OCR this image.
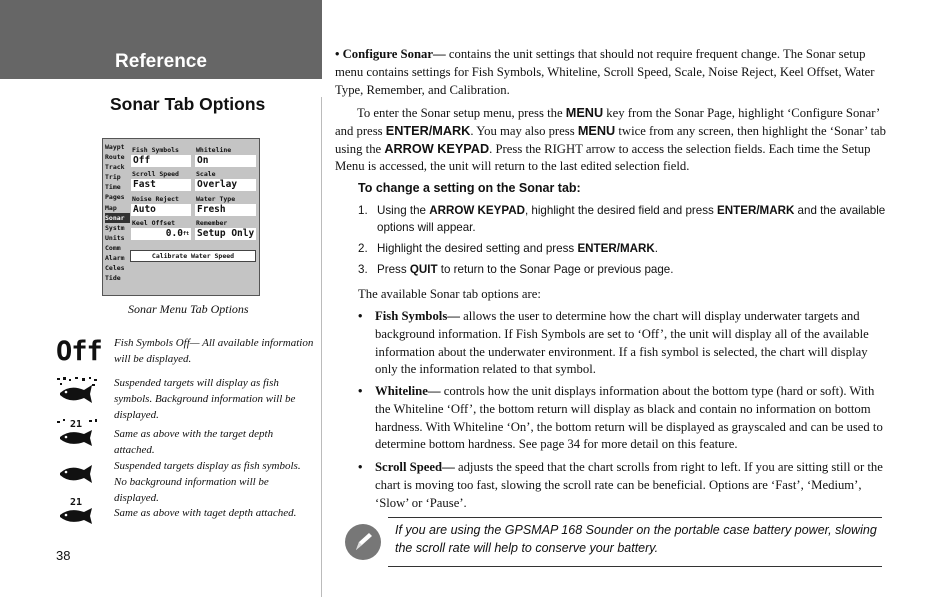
Reference
Sonar Tab Options
Waypt
Route
Track
Trip
Time
Pages
Map
Sonar
Systm
Units
Comm
Alarm
Celes
Tide
Fish Symbols
Off
Whiteline
On
Scroll Speed
Fast
Scale
Overlay
Noise Reject
Auto
Water Type
Fresh
Keel Offset
$0.0^{ft}$
Remember
Setup Only
Calibrate Water Speed
Sonar Menu Tab Options
Off	Fish Symbols Off— All available information will be displayed.
Suspended targets will display as fish symbols. Background information will be displayed.
21
Same as above with the target depth attached.
Suspended targets display as fish symbols. No background information will be displayed.
21
Same as above with taget depth attached.
38
• Configure Sonar— contains the unit settings that should not require frequent change. The Sonar setup menu contains settings for Fish Symbols, Whiteline, Scroll Speed, Scale, Noise Reject, Keel Offset, Water Type, Remember, and Calibration.
To enter the Sonar setup menu, press the MENU key from the Sonar Page, highlight ‘Configure Sonar’ and press ENTER/MARK. You may also press MENU twice from any screen, then highlight the ‘Sonar’ tab using the ARROW KEYPAD. Press the RIGHT arrow to access the selection fields. Each time the Setup Menu is accessed, the unit will return to the last edited selection field.
To change a setting on the Sonar tab:
1. Using the ARROW KEYPAD, highlight the desired field and press ENTER/MARK and the available options will appear.
2. Highlight the desired setting and press ENTER/MARK.
3. Press QUIT to return to the Sonar Page or previous page.
The available Sonar tab options are:
• Fish Symbols— allows the user to determine how the chart will display underwater targets and background information. If Fish Symbols are set to ‘Off’, the unit will display all of the available information about the underwater environment. If a fish symbol is selected, the chart will display only the information related to that symbol.
• Whiteline— controls how the unit displays information about the bottom type (hard or soft). With the Whiteline ‘Off’, the bottom return will display as black and contain no information on bottom hardness. With Whiteline ‘On’, the bottom return will be displayed as grayscaled and can be used to determine bottom hardness. See page 34 for more detail on this feature.
• Scroll Speed— adjusts the speed that the chart scrolls from right to left. If you are sitting still or the chart is moving too fast, slowing the scroll rate can be beneficial. Options are ‘Fast’, ‘Medium’, ‘Slow’ or ‘Pause’.
If you are using the GPSMAP 168 Sounder on the portable case battery power, slowing the scroll rate will help to conserve your battery.
